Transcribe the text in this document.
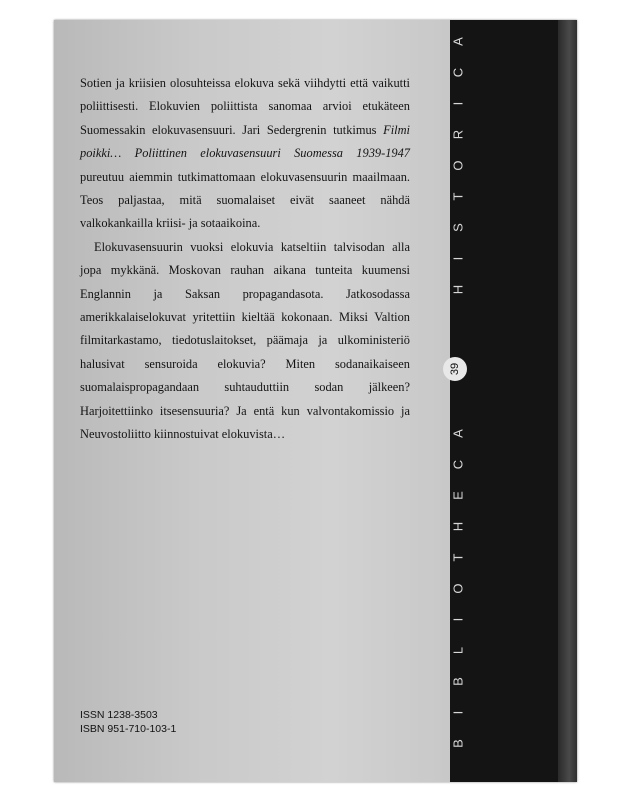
Sotien ja kriisien olosuhteissa elokuva sekä viihdytti että vaikutti poliittisesti. Elokuvien poliittista sanomaa arvioi etukäteen Suomessakin elokuvasensuuri. Jari Sedergrenin tutkimus Filmi poikki… Poliittinen elokuvasensuuri Suomessa 1939-1947 pureutuu aiemmin tutkimattomaan elokuvasensuurin maailmaan. Teos paljastaa, mitä suomalaiset eivät saaneet nähdä valkokankailla kriisi- ja sotaaikoina.

Elokuvasensuurin vuoksi elokuvia katseltiin talvisodan alla jopa mykkänä. Moskovan rauhan aikana tunteita kuumensi Englannin ja Saksan propagandasota. Jatkosodassa amerikkalaiselokuvat yritettiin kieltää kokonaan. Miksi Valtion filmitarkastamo, tiedotuslaitokset, päämaja ja ulkoministeriö halusivat sensuroida elokuvia? Miten sodanaikaiseen suomalaispropagandaan suhtauduttiin sodan jälkeen? Harjoitettiinko itsesensuuria? Ja entä kun valvontakomissio ja Neuvostoliitto kiinnostuivat elokuvista…

ISSN 1238-3503
ISBN 951-710-103-1
39
A
C
I
R
O
T
S
I
H
A
C
E
H
T
O
I
L
B
I
B
